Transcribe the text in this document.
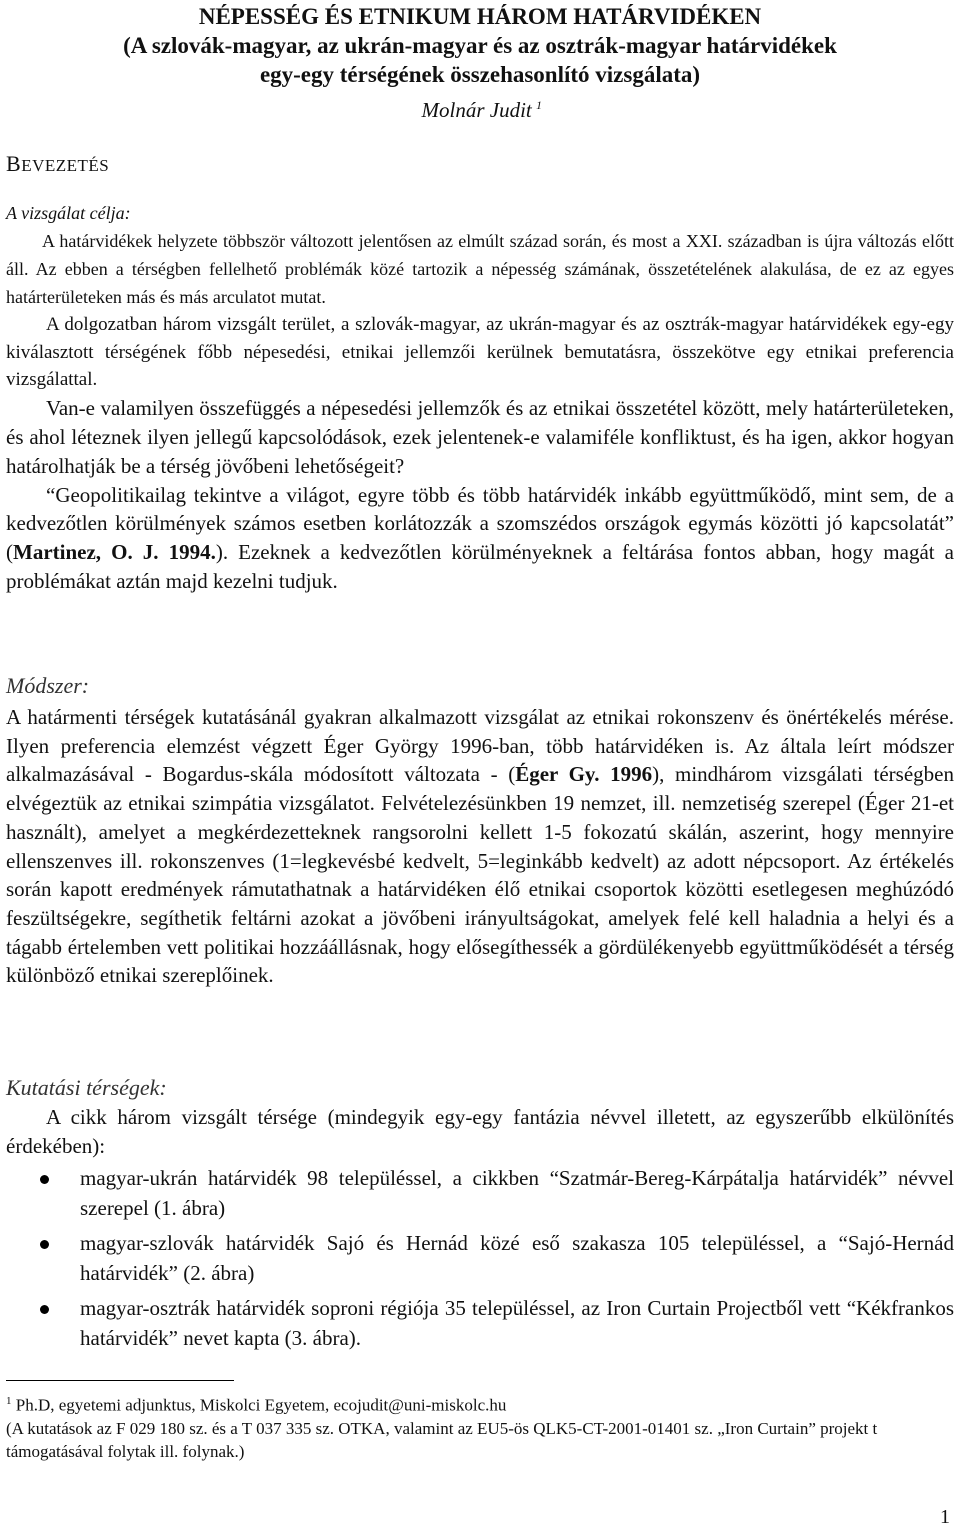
NÉPESSÉG ÉS ETNIKUM HÁROM HATÁRVIDÉKEN
(A szlovák-magyar, az ukrán-magyar és az osztrák-magyar határvidékek
egy-egy térségének összehasonlító vizsgálata)
Molnár Judit  $^1$
BEVEZETÉS
A vizsgálat célja:
A határvidékek helyzete többször változott jelentősen az elmúlt század során, és most a XXI. században is újra változás előtt áll. Az ebben a térségben fellelhető problémák közé tartozik a népesség számának, összetételének alakulása, de ez az egyes határterületeken más és más arculatot mutat.
A dolgozatban három vizsgált terület, a szlovák-magyar, az ukrán-magyar és az osztrák-magyar határvidékek egy-egy kiválasztott térségének főbb népesedési, etnikai jellemzői kerülnek bemutatásra, összekötve egy etnikai preferencia vizsgálattal.
Van-e valamilyen összefüggés a népesedési jellemzők és az etnikai összetétel között, mely határterületeken, és ahol léteznek ilyen jellegű kapcsolódások, ezek jelentenek-e valamiféle konfliktust, és ha igen, akkor hogyan határolhatják be a térség jövőbeni lehetőségeit?
“Geopolitikailag tekintve a világot, egyre több és több határvidék inkább együttműködő, mint sem, de a kedvezőtlen körülmények számos esetben korlátozzák a szomszédos országok egymás közötti jó kapcsolatát” (Martinez, O. J. 1994.). Ezeknek a kedvezőtlen körülményeknek a feltárása fontos abban, hogy magát a problémákat aztán majd kezelni tudjuk.
Módszer:
A határmenti térségek kutatásánál gyakran alkalmazott vizsgálat az etnikai rokonszenv és önértékelés mérése. Ilyen preferencia elemzést végzett Éger György 1996-ban, több határvidéken is. Az általa leírt módszer alkalmazásával - Bogardus-skála módosított változata - (Éger Gy. 1996), mindhárom vizsgálati térségben elvégeztük az etnikai szimpátia vizsgálatot. Felvételezésünkben 19 nemzet, ill. nemzetiség szerepel (Éger 21-et használt), amelyet a megkérdezetteknek rangsorolni kellett 1-5 fokozatú skálán, aszerint, hogy mennyire ellenszenves ill. rokonszenves (1=legkevésbé kedvelt, 5=leginkább kedvelt) az adott népcsoport. Az értékelés során kapott eredmények rámutathatnak a határvidéken élő etnikai csoportok közötti esetlegesen meghúzódó feszültségekre, segíthetik feltárni azokat a jövőbeni irányultságokat, amelyek felé kell haladnia a helyi és a tágabb értelemben vett politikai hozzáállásnak, hogy elősegíthessék a gördülékenyebb együttműködését a térség különböző etnikai szereplőinek.
Kutatási térségek:
A cikk három vizsgált térsége (mindegyik egy-egy fantázia névvel illetett, az egyszerűbb elkülönítés érdekében):
magyar-ukrán határvidék 98 településsel, a cikkben “Szatmár-Bereg-Kárpátalja határvidék” névvel szerepel (1. ábra)
magyar-szlovák határvidék Sajó és Hernád közé eső szakasza 105 településsel, a “Sajó-Hernád határvidék” (2. ábra)
magyar-osztrák határvidék soproni régiója 35 településsel, az Iron Curtain Projectből vett “Kékfrankos határvidék” nevet kapta (3. ábra).
$^1$ Ph.D, egyetemi adjunktus, Miskolci Egyetem, ecojudit@uni-miskolc.hu
(A kutatások az F 029 180 sz. és a T 037 335 sz. OTKA, valamint az EU5-ös QLK5-CT-2001-01401 sz. „Iron Curtain” projekt t támogatásával folytak ill. folynak.)
1
